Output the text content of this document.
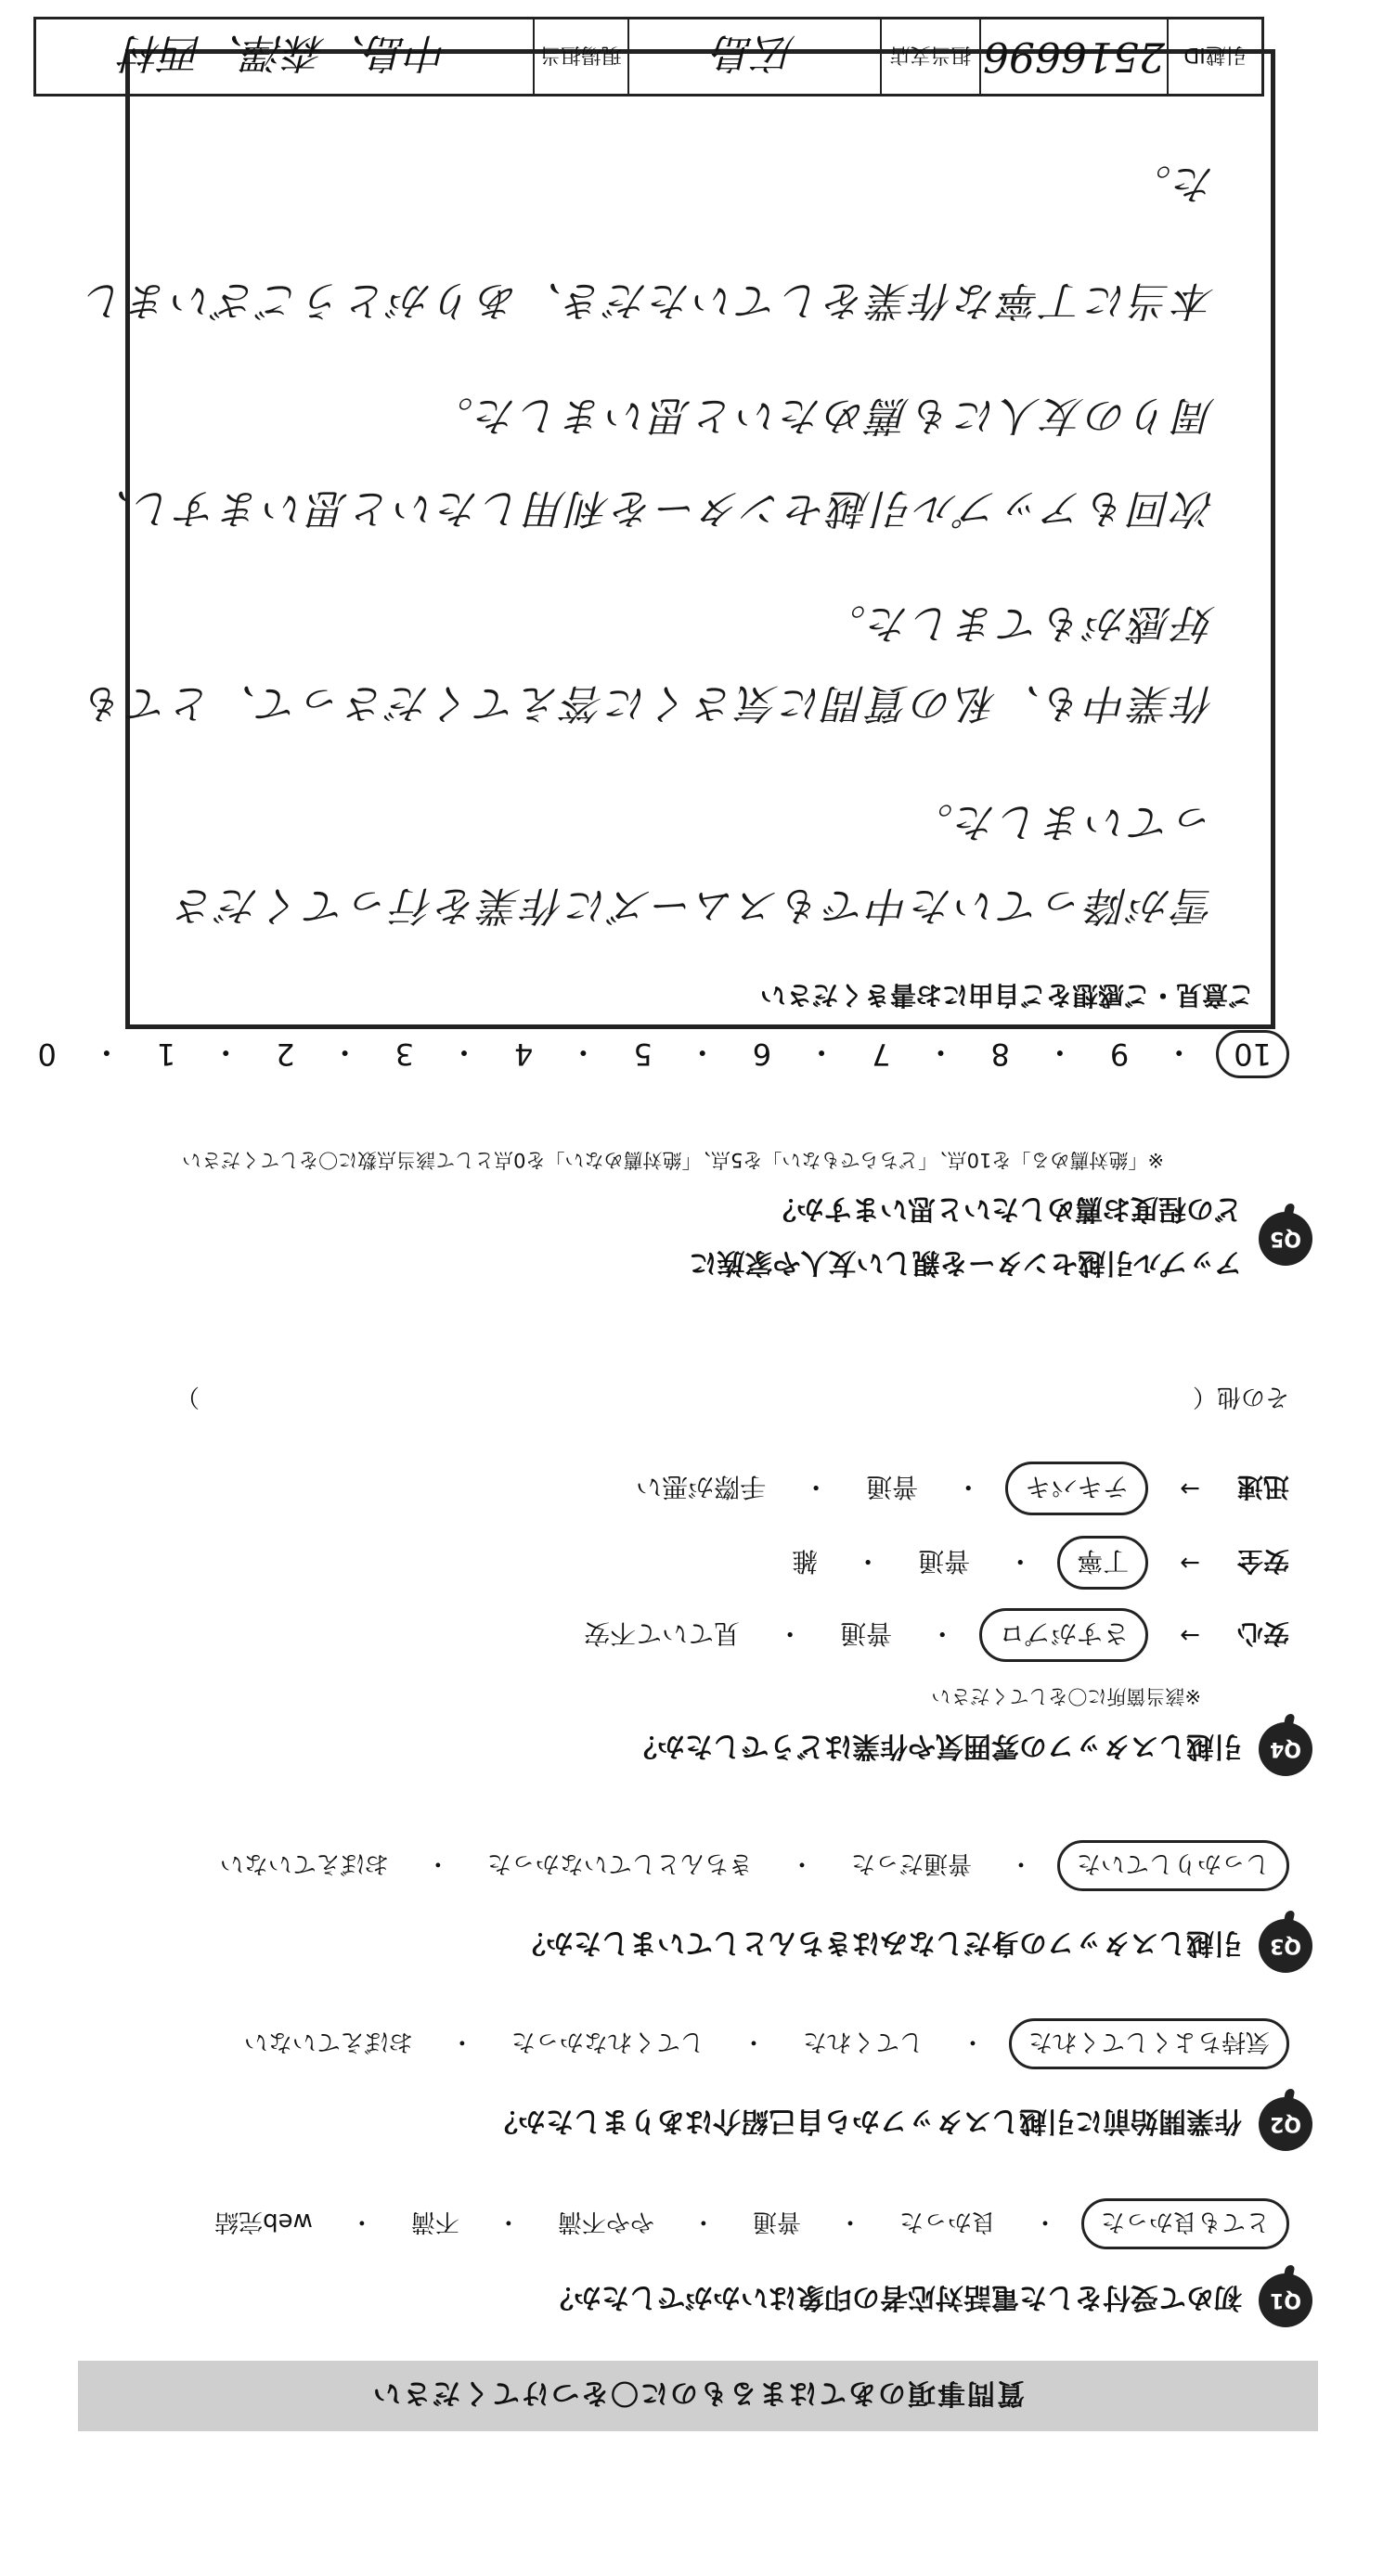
質問事項のあてはまるものに〇をつけてください
Q1
初めて受付をした電話対応者の印象はいかがでしたか？
とても良かった
・
良かった
・
普通
・
やや不満
・
不満
・
web完結
Q2
作業開始前に引越しスタッフから自己紹介はありましたか？
気持ちよくしてくれた
・
してくれた
・
してくれなかった
・
おぼえていない
Q3
引越しスタッフの身だしなみはきちんとしていましたか？
しっかりしていた
・
普通だった
・
きちんとしていなかった
・
おぼえていない
Q4
引越しスタッフの雰囲気や作業はどうでしたか？
※該当箇所に〇をしてください
安心
→
さすがプロ
・
普通
・
見ていて不安
安全
→
丁寧
・
普通
・
雑
迅速
→
テキパキ
・
普通
・
手際が悪い
その他（
）
Q5
アップル引越センターを親しい友人や家族に
どの程度お薦めしたいと思いますか？
※「絶対薦める」を10点、「どちらでもない」を5点、「絶対薦めない」を0点として該当点数に〇をしてください
10
・
9
・
8
・
7
・
6
・
5
・
4
・
3
・
2
・
1
・
0
ご意見・ご感想をご自由にお書きください
雪が降っていた中でもスムーズに作業を行ってくださ
っていました。
作業中も、私の質問に気さくに答えてくださって、とても
好感がもてました。
次回もアップル引越センターを利用したいと思いますし、
周りの友人にも薦めたいと思いました。
本当に丁寧な作業をしていただき、ありがとうございまし
た。
引越ID
2516696
担当支店
広島
現場担当
中島、森澤、西村
